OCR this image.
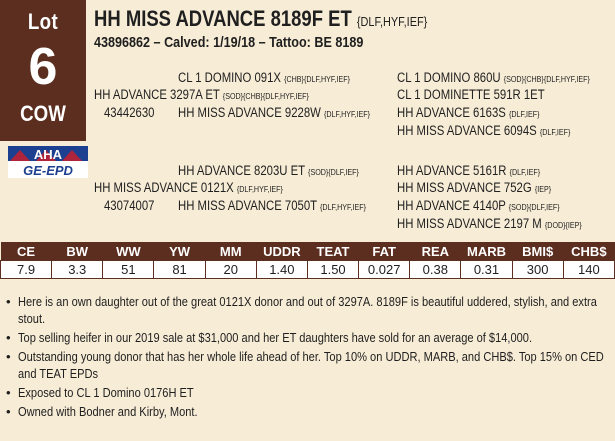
Lot
6
COW
HH MISS ADVANCE 8189F ET {DLF,HYF,IEF}
43896862 – Calved: 1/19/18 – Tattoo: BE 8189
CL 1 DOMINO 091X {CHB}{DLF,HYF,IEF}
HH ADVANCE 3297A ET {SOD}{CHB}{DLF,HYF,IEF}
43442630	HH MISS ADVANCE 9228W {DLF,HYF,IEF}
CL 1 DOMINO 860U {SOD}{CHB}{DLF,HYF,IEF}
CL 1 DOMINETTE 591R 1ET
HH ADVANCE 6163S {DLF,IEF}
HH MISS ADVANCE 6094S {DLF,IEF}
AHA
GE-EPD	HH ADVANCE 8203U ET {SOD}{DLF,IEF}
HH MISS ADVANCE 0121X {DLF,HYF,IEF}
43074007	HH MISS ADVANCE 7050T {DLF,HYF,IEF}
HH ADVANCE 5161R {DLF,IEF}
HH MISS ADVANCE 752G {IEP}
HH ADVANCE 4140P {SOD}{DLF,IEF}
HH MISS ADVANCE 2197 M {DOD}{IEP}
CE	BW	WW	YW	MM	UDDR	TEAT	FAT	REA	MARB	BMI$	CHB$
7.9	3.3	51	81	20	1.40	1.50	0.027	0.38	0.31	300	140
• Here is an own daughter out of the great 0121X donor and out of 3297A. 8189F is beautiful uddered, stylish, and extra stout.
• Top selling heifer in our 2019 sale at $31,000 and her ET daughters have sold for an average of $14,000.
• Outstanding young donor that has her whole life ahead of her. Top 10% on UDDR, MARB, and CHB$. Top 15% on CED and TEAT EPDs
• Exposed to CL 1 Domino 0176H ET
• Owned with Bodner and Kirby, Mont.
